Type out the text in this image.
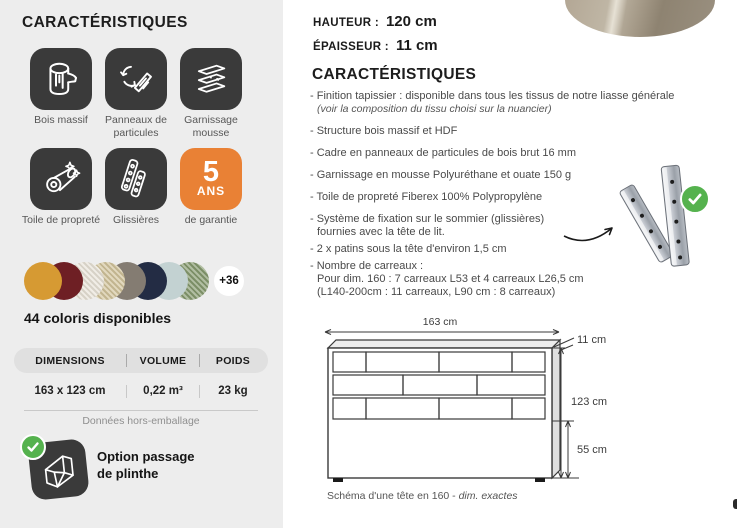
CARACTÉRISTIQUES
Bois massif	Panneaux de particules
Garnissage mousse
5
ANS
Toile de propreté	Glissières	de garantie
+36
44 coloris disponibles
DIMENSIONS	VOLUME	POIDS
163 x 123 cm	0,22 m³	23 kg
Données hors-emballage
Option passage
de plinthe
HAUTEUR : 120 cm
ÉPAISSEUR : 11 cm
CARACTÉRISTIQUES
- Finition tapissier : disponible dans tous les tissus de notre liasse générale
(voir la composition du tissu choisi sur la nuancier)
- Structure bois massif et HDF
- Cadre en panneaux de particules de bois brut 16 mm
- Garnissage en mousse Polyuréthane et ouate 150 g
- Toile de propreté Fiberex 100% Polypropylène
- Système de fixation sur le sommier (glissières)
fournies avec la tête de lit.
- 2 x patins sous la tête d'environ 1,5 cm
- Nombre de carreaux :
Pour dim. 160 : 7 carreaux L53 et 4 carreaux L26,5 cm
(L140-200cm : 11 carreaux, L90 cm : 8 carreaux)
163 cm
11 cm
123 cm
55 cm
Schéma d'une tête en 160 - dim. exactes
